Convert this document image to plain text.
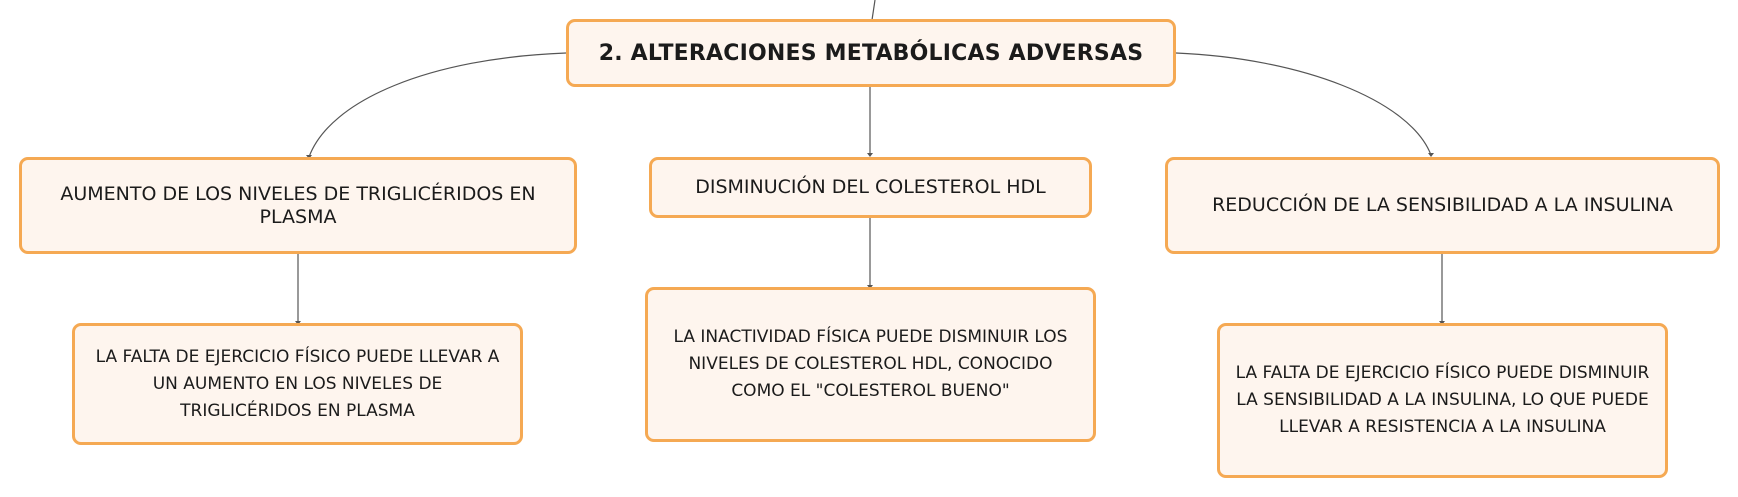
2. ALTERACIONES METABÓLICAS ADVERSAS
AUMENTO DE LOS NIVELES DE TRIGLICÉRIDOS EN PLASMA
DISMINUCIÓN DEL COLESTEROL HDL
REDUCCIÓN DE LA SENSIBILIDAD A LA INSULINA
LA FALTA DE EJERCICIO FÍSICO PUEDE LLEVAR A UN AUMENTO EN LOS NIVELES DE TRIGLICÉRIDOS EN PLASMA
LA INACTIVIDAD FÍSICA PUEDE DISMINUIR LOS NIVELES DE COLESTEROL HDL, CONOCIDO COMO EL "COLESTEROL BUENO"
LA FALTA DE EJERCICIO FÍSICO PUEDE DISMINUIR LA SENSIBILIDAD A LA INSULINA, LO QUE PUEDE LLEVAR A RESISTENCIA A LA INSULINA
